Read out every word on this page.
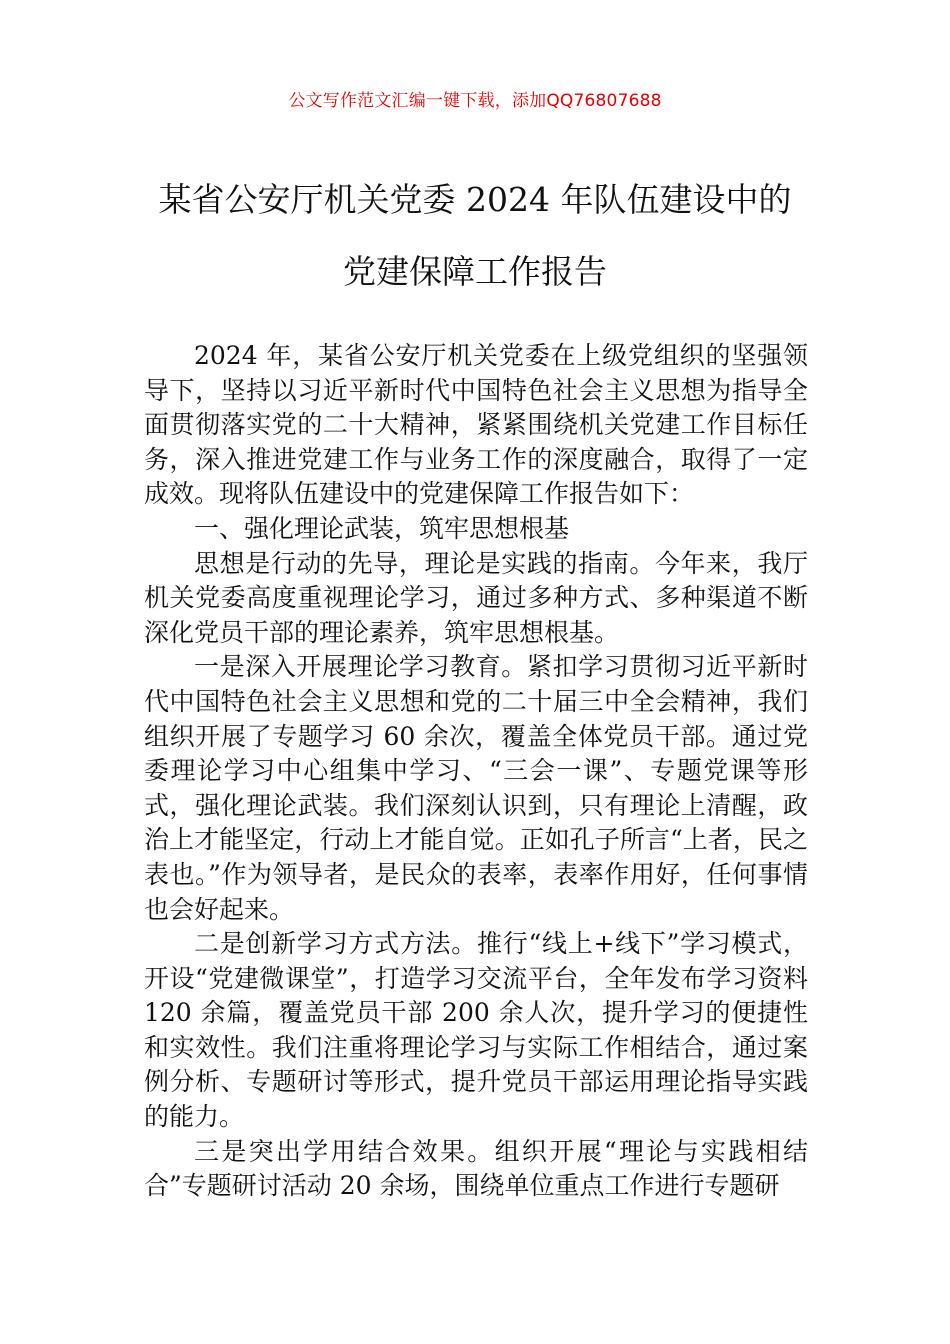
公文写作范文汇编一键下载，添加QQ76807688
某省公安厅机关党委 2024 年队伍建设中的
党建保障工作报告

2024 年，某省公安厅机关党委在上级党组织的坚强领导下，坚持以习近平新时代中国特色社会主义思想为指导全面贯彻落实党的二十大精神，紧紧围绕机关党建工作目标任务，深入推进党建工作与业务工作的深度融合，取得了一定成效。现将队伍建设中的党建保障工作报告如下：

一、强化理论武装，筑牢思想根基

思想是行动的先导，理论是实践的指南。今年来，我厅机关党委高度重视理论学习，通过多种方式、多种渠道不断深化党员干部的理论素养，筑牢思想根基。

一是深入开展理论学习教育。紧扣学习贯彻习近平新时代中国特色社会主义思想和党的二十届三中全会精神，我们组织开展了专题学习 60 余次，覆盖全体党员干部。通过党委理论学习中心组集中学习、“三会一课”、专题党课等形式，强化理论武装。我们深刻认识到，只有理论上清醒，政治上才能坚定，行动上才能自觉。正如孔子所言“上者，民之表也。”作为领导者，是民众的表率，表率作用好，任何事情也会好起来。

二是创新学习方式方法。推行“线上+线下”学习模式，开设“党建微课堂”，打造学习交流平台，全年发布学习资料 120 余篇，覆盖党员干部 200 余人次，提升学习的便捷性和实效性。我们注重将理论学习与实际工作相结合，通过案例分析、专题研讨等形式，提升党员干部运用理论指导实践的能力。

三是突出学用结合效果。组织开展“理论与实践相结合”专题研讨活动 20 余场，围绕单位重点工作进行专题研
